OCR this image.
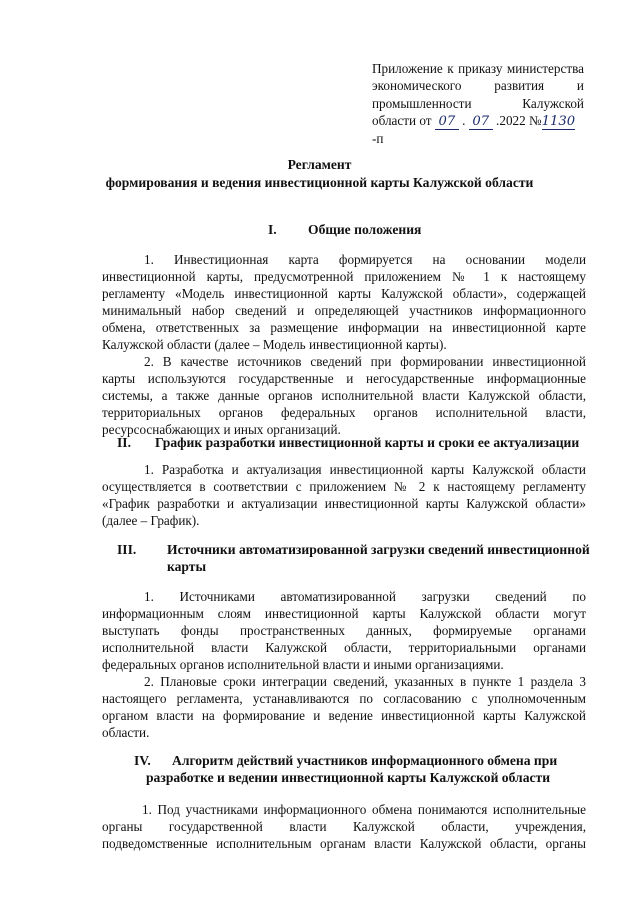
Приложение к приказу министерства
экономического развития и
промышленности Калужской
области от 07 . 07 .2022 №1130-п
Регламент
формирования и ведения инвестиционной карты Калужской области
I. Общие положения
1. Инвестиционная карта формируется на основании модели
инвестиционной карты, предусмотренной приложением № 1 к настоящему
регламенту «Модель инвестиционной карты Калужской области», содержащей
минимальный набор сведений и определяющей участников информационного
обмена, ответственных за размещение информации на инвестиционной карте
Калужской области (далее – Модель инвестиционной карты).
2. В качестве источников сведений при формировании инвестиционной
карты используются государственные и негосударственные информационные
системы, а также данные органов исполнительной власти Калужской области,
территориальных органов федеральных органов исполнительной власти,
ресурсоснабжающих и иных организаций.
II. График разработки инвестиционной карты и сроки ее актуализации
1. Разработка и актуализация инвестиционной карты Калужской области
осуществляется в соответствии с приложением № 2 к настоящему регламенту
«График разработки и актуализации инвестиционной карты Калужской области»
(далее – График).
III. Источники автоматизированной загрузки сведений инвестиционной
карты
1. Источниками автоматизированной загрузки сведений по
информационным слоям инвестиционной карты Калужской области могут
выступать фонды пространственных данных, формируемые органами
исполнительной власти Калужской области, территориальными органами
федеральных органов исполнительной власти и иными организациями.
2. Плановые сроки интеграции сведений, указанных в пункте 1 раздела 3
настоящего регламента, устанавливаются по согласованию с уполномоченным
органом власти на формирование и ведение инвестиционной карты Калужской
области.
IV. Алгоритм действий участников информационного обмена при
разработке и ведении инвестиционной карты Калужской области
1. Под участниками информационного обмена понимаются исполнительные
органы государственной власти Калужской области, учреждения,
подведомственные исполнительным органам власти Калужской области, органы
